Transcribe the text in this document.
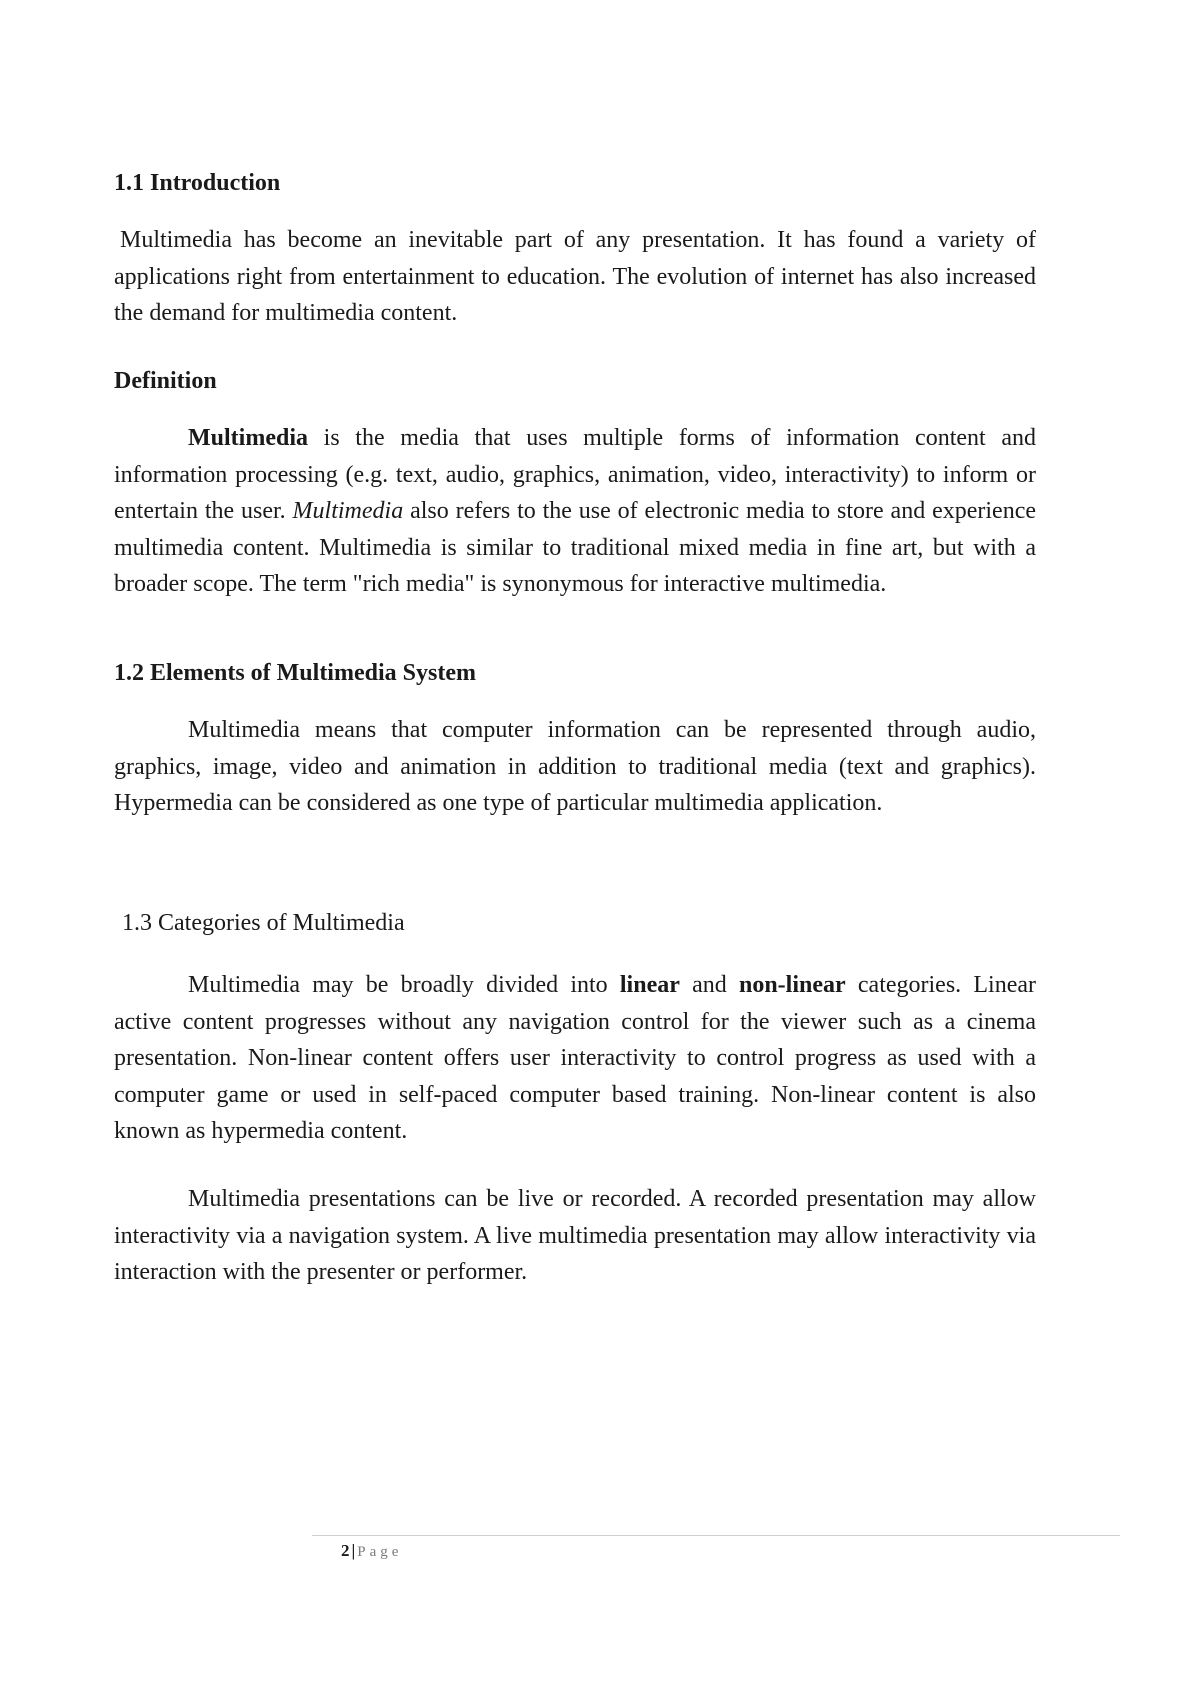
1.1 Introduction
Multimedia has become an inevitable part of any presentation. It has found a variety of applications right from entertainment to education. The evolution of internet has also increased the demand for multimedia content.
Definition
Multimedia is the media that uses multiple forms of information content and information processing (e.g. text, audio, graphics, animation, video, interactivity) to inform or entertain the user. Multimedia also refers to the use of electronic media to store and experience multimedia content. Multimedia is similar to traditional mixed media in fine art, but with a broader scope. The term "rich media" is synonymous for interactive multimedia.
1.2 Elements of Multimedia System
Multimedia means that computer information can be represented through audio, graphics, image, video and animation in addition to traditional media (text and graphics). Hypermedia can be considered as one type of particular multimedia application.
1.3 Categories of Multimedia
Multimedia may be broadly divided into linear and non-linear categories. Linear active content progresses without any navigation control for the viewer such as a cinema presentation. Non-linear content offers user interactivity to control progress as used with a computer game or used in self-paced computer based training. Non-linear content is also known as hypermedia content.
Multimedia presentations can be live or recorded. A recorded presentation may allow interactivity via a navigation system. A live multimedia presentation may allow interactivity via interaction with the presenter or performer.
2 | Page
